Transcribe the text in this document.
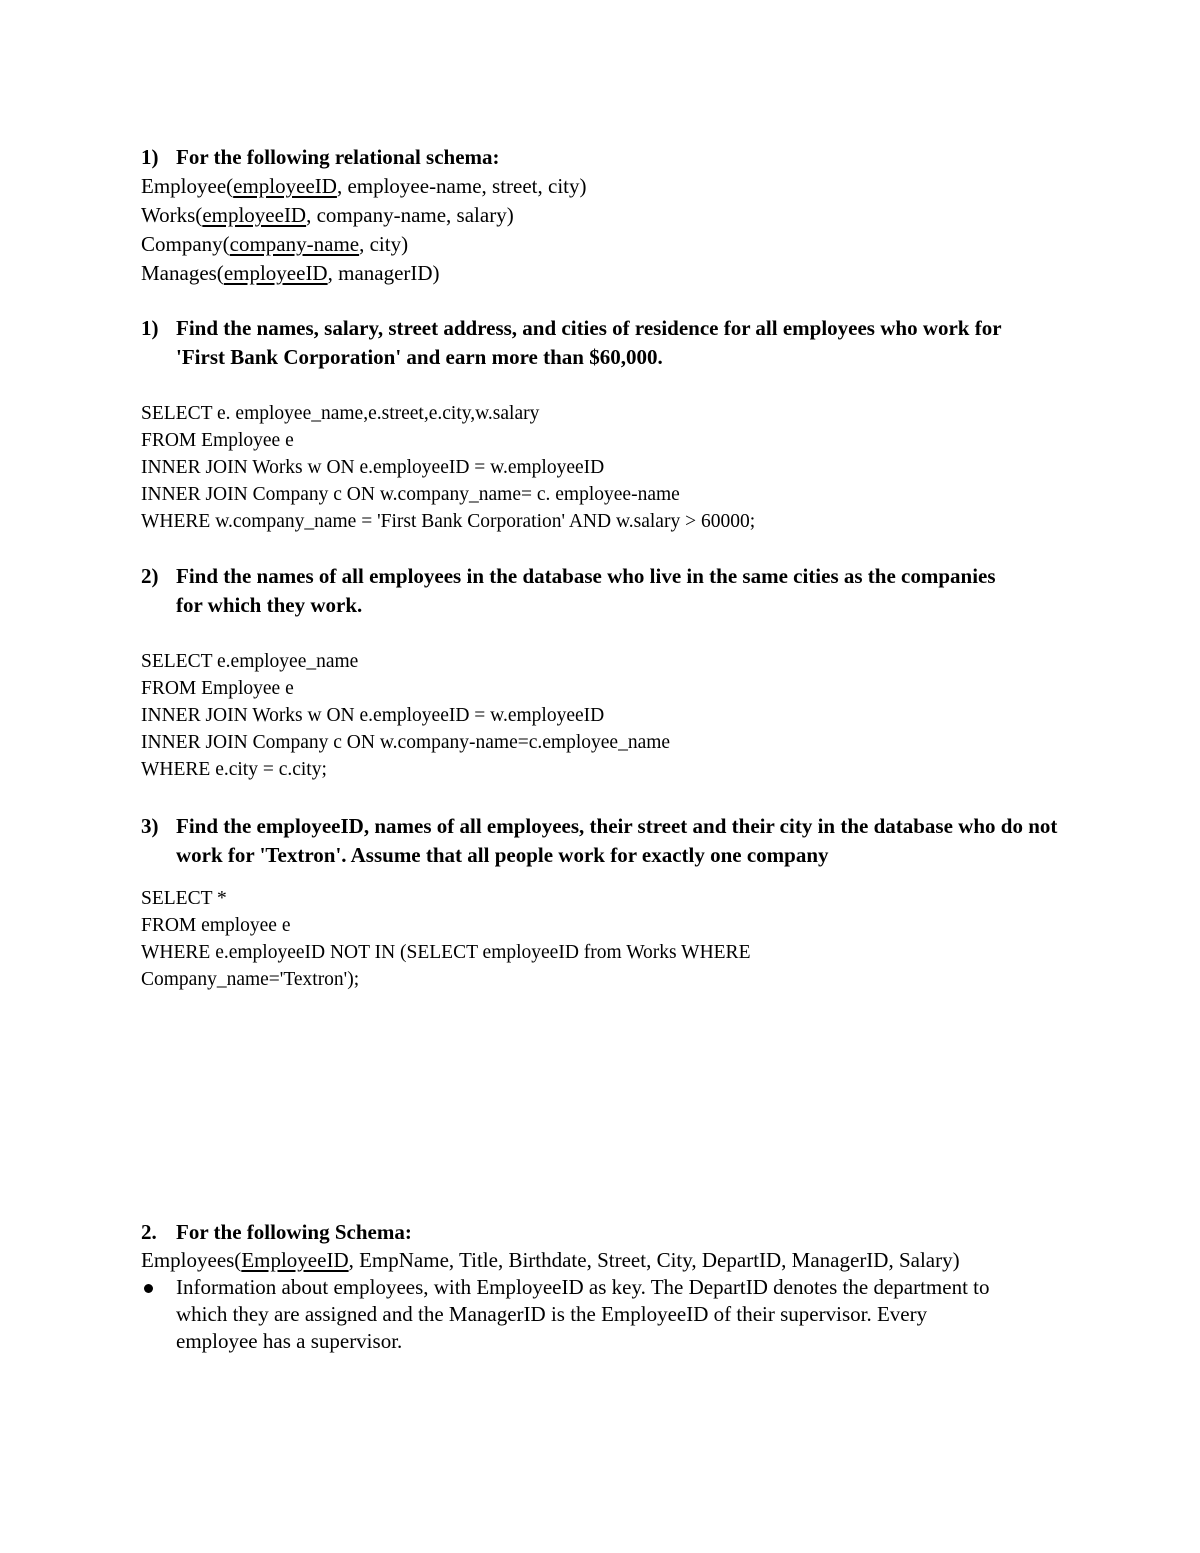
1) For the following relational schema:
Employee(employeeID, employee-name, street, city)
Works(employeeID, company-name, salary)
Company(company-name, city)
Manages(employeeID, managerID)
1) Find the names, salary, street address, and cities of residence for all employees who work for 'First Bank Corporation' and earn more than $60,000.
SELECT e. employee_name,e.street,e.city,w.salary
FROM Employee e
INNER JOIN Works w ON e.employeeID = w.employeeID
INNER JOIN Company c ON w.company_name= c. employee-name
WHERE w.company_name = 'First Bank Corporation' AND w.salary > 60000;
2) Find the names of all employees in the database who live in the same cities as the companies for which they work.
SELECT e.employee_name
FROM Employee e
INNER JOIN Works w ON e.employeeID = w.employeeID
INNER JOIN Company c ON w.company-name=c.employee_name
WHERE e.city = c.city;
3) Find the employeeID, names of all employees, their street and their city in the database who do not work for 'Textron'. Assume that all people work for exactly one company
SELECT *
FROM employee e
WHERE e.employeeID NOT IN (SELECT employeeID from Works WHERE
Company_name='Textron');
2. For the following Schema:
Employees(EmployeeID, EmpName, Title, Birthdate, Street, City, DepartID, ManagerID, Salary)
Information about employees, with EmployeeID as key. The DepartID denotes the department to which they are assigned and the ManagerID is the EmployeeID of their supervisor. Every employee has a supervisor.
